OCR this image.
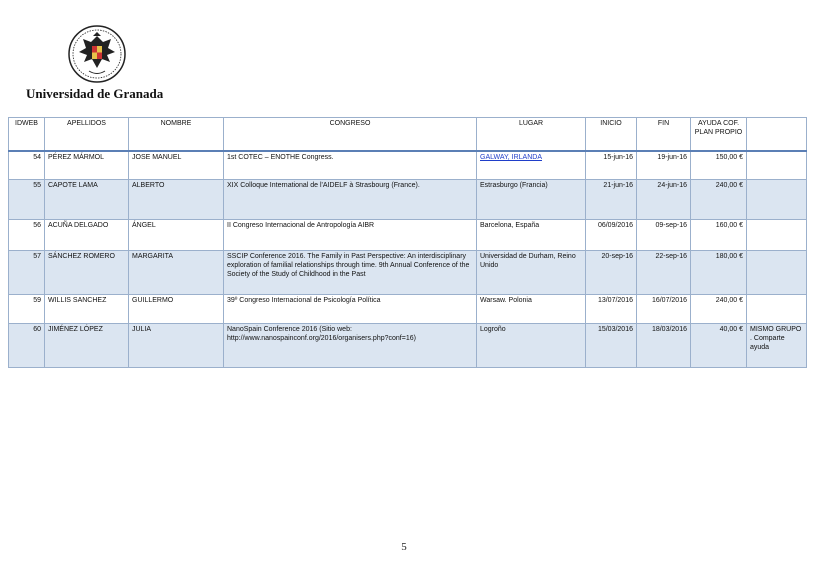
Universidad de Granada
IDWEB	APELLIDOS	NOMBRE	CONGRESO	LUGAR	INICIO	FIN	AYUDA COF. PLAN PROPIO	
54	PÉREZ MÁRMOL	JOSE MANUEL	1st COTEC – ENOTHE Congress.	GALWAY, IRLANDA	15-jun-16	19-jun-16	150,00 €	
55	CAPOTE LAMA	ALBERTO	XIX Colloque International de l'AIDELF à Strasbourg (France).	Estrasburgo (Francia)	21-jun-16	24-jun-16	240,00 €	
56	ACUÑA DELGADO	ÁNGEL	II Congreso Internacional de Antropología AIBR	Barcelona, España	06/09/2016	09-sep-16	160,00 €	
57	SÁNCHEZ ROMERO	MARGARITA	SSCIP Conference 2016. The Family in Past Perspective: An interdisciplinary exploration of familial relationships through time. 9th Annual Conference of the Society of the Study of Childhood in the Past	Universidad de Durham, Reino Unido	20-sep-16	22-sep-16	180,00 €	
59	WILLIS SANCHEZ	GUILLERMO	39º Congreso Internacional de Psicología Política	Warsaw. Polonia	13/07/2016	16/07/2016	240,00 €	
60	JIMÉNEZ LÓPEZ	JULIA	NanoSpain Conference 2016 (Sitio web: http://www.nanospainconf.org/2016/organisers.php?conf=16)	Logroño	15/03/2016	18/03/2016	40,00 €	MISMO GRUPO . Comparte ayuda
5
